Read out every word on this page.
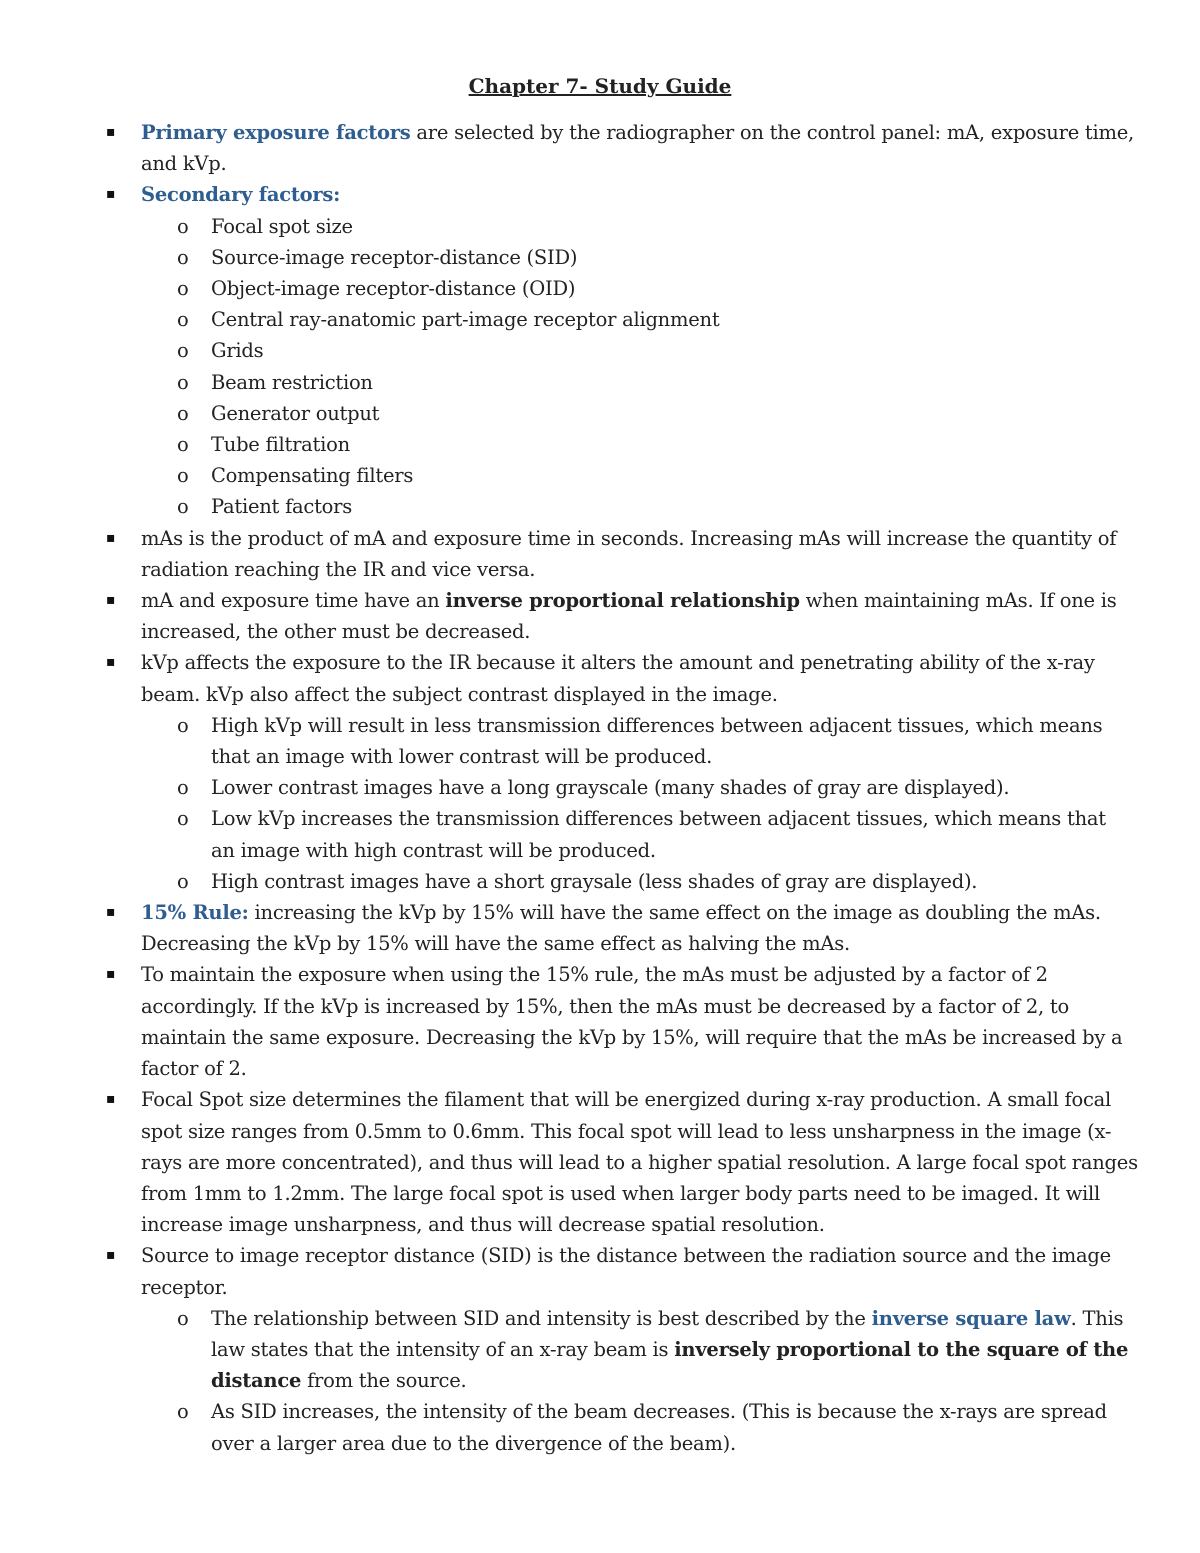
Chapter 7- Study Guide
▪ Primary exposure factors are selected by the radiographer on the control panel: mA, exposure time, and kVp.
▪ Secondary factors:
o Focal spot size
o Source-image receptor-distance (SID)
o Object-image receptor-distance (OID)
o Central ray-anatomic part-image receptor alignment
o Grids
o Beam restriction
o Generator output
o Tube filtration
o Compensating filters
o Patient factors
▪ mAs is the product of mA and exposure time in seconds. Increasing mAs will increase the quantity of radiation reaching the IR and vice versa.
▪ mA and exposure time have an inverse proportional relationship when maintaining mAs. If one is increased, the other must be decreased.
▪ kVp affects the exposure to the IR because it alters the amount and penetrating ability of the x-ray beam. kVp also affect the subject contrast displayed in the image.
o High kVp will result in less transmission differences between adjacent tissues, which means that an image with lower contrast will be produced.
o Lower contrast images have a long grayscale (many shades of gray are displayed).
o Low kVp increases the transmission differences between adjacent tissues, which means that an image with high contrast will be produced.
o High contrast images have a short graysale (less shades of gray are displayed).
▪ 15% Rule: increasing the kVp by 15% will have the same effect on the image as doubling the mAs. Decreasing the kVp by 15% will have the same effect as halving the mAs.
▪ To maintain the exposure when using the 15% rule, the mAs must be adjusted by a factor of 2 accordingly. If the kVp is increased by 15%, then the mAs must be decreased by a factor of 2, to maintain the same exposure. Decreasing the kVp by 15%, will require that the mAs be increased by a factor of 2.
▪ Focal Spot size determines the filament that will be energized during x-ray production. A small focal spot size ranges from 0.5mm to 0.6mm. This focal spot will lead to less unsharpness in the image (x-rays are more concentrated), and thus will lead to a higher spatial resolution. A large focal spot ranges from 1mm to 1.2mm. The large focal spot is used when larger body parts need to be imaged. It will increase image unsharpness, and thus will decrease spatial resolution.
▪ Source to image receptor distance (SID) is the distance between the radiation source and the image receptor.
o The relationship between SID and intensity is best described by the inverse square law. This law states that the intensity of an x-ray beam is inversely proportional to the square of the distance from the source.
o As SID increases, the intensity of the beam decreases. (This is because the x-rays are spread over a larger area due to the divergence of the beam).
